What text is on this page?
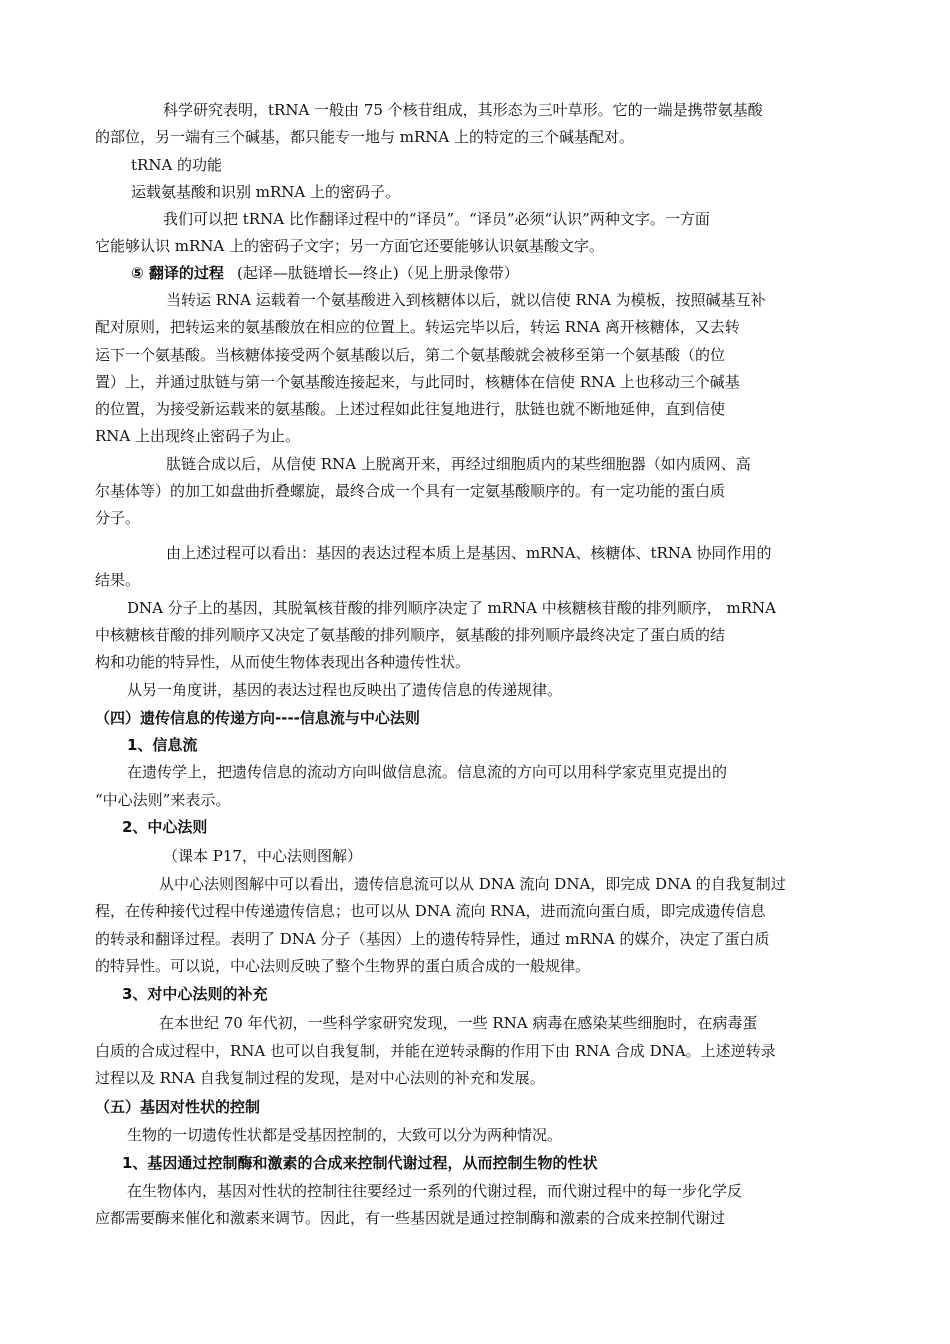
科学研究表明，tRNA 一般由 75 个核苷组成，其形态为三叶草形。它的一端是携带氨基酸
的部位，另一端有三个碱基，都只能专一地与 mRNA 上的特定的三个碱基配对。
tRNA 的功能
运载氨基酸和识别 mRNA 上的密码子。
我们可以把 tRNA 比作翻译过程中的“译员”。“译员”必须“认识”两种文字。一方面
它能够认识 mRNA 上的密码子文字；另一方面它还要能够认识氨基酸文字。
⑤ 翻译的过程 (起译—肽链增长—终止)（见上册录像带）
当转运 RNA 运载着一个氨基酸进入到核糖体以后，就以信使 RNA 为模板，按照碱基互补
配对原则，把转运来的氨基酸放在相应的位置上。转运完毕以后，转运 RNA 离开核糖体，又去转
运下一个氨基酸。当核糖体接受两个氨基酸以后，第二个氨基酸就会被移至第一个氨基酸（的位
置）上，并通过肽链与第一个氨基酸连接起来，与此同时，核糖体在信使 RNA 上也移动三个碱基
的位置，为接受新运载来的氨基酸。上述过程如此往复地进行，肽链也就不断地延伸，直到信使
RNA 上出现终止密码子为止。
肽链合成以后，从信使 RNA 上脱离开来，再经过细胞质内的某些细胞器（如内质网、高
尔基体等）的加工如盘曲折叠螺旋，最终合成一个具有一定氨基酸顺序的。有一定功能的蛋白质
分子。
由上述过程可以看出：基因的表达过程本质上是基因、mRNA、核糖体、tRNA 协同作用的
结果。
DNA 分子上的基因，其脱氧核苷酸的排列顺序决定了 mRNA 中核糖核苷酸的排列顺序， mRNA
中核糖核苷酸的排列顺序又决定了氨基酸的排列顺序，氨基酸的排列顺序最终决定了蛋白质的结
构和功能的特异性，从而使生物体表现出各种遗传性状。
从另一角度讲，基因的表达过程也反映出了遗传信息的传递规律。
（四）遗传信息的传递方向----信息流与中心法则
1、信息流
在遗传学上，把遗传信息的流动方向叫做信息流。信息流的方向可以用科学家克里克提出的
“中心法则”来表示。
2、中心法则
（课本 P17，中心法则图解）
从中心法则图解中可以看出，遗传信息流可以从 DNA 流向 DNA，即完成 DNA 的自我复制过
程，在传种接代过程中传递遗传信息；也可以从 DNA 流向 RNA，进而流向蛋白质，即完成遗传信息
的转录和翻译过程。表明了 DNA 分子（基因）上的遗传特异性，通过 mRNA 的媒介，决定了蛋白质
的特异性。可以说，中心法则反映了整个生物界的蛋白质合成的一般规律。
3、对中心法则的补充
在本世纪 70 年代初，一些科学家研究发现，一些 RNA 病毒在感染某些细胞时，在病毒蛋
白质的合成过程中，RNA 也可以自我复制，并能在逆转录酶的作用下由 RNA 合成 DNA。上述逆转录
过程以及 RNA 自我复制过程的发现，是对中心法则的补充和发展。
（五）基因对性状的控制
生物的一切遗传性状都是受基因控制的，大致可以分为两种情况。
1、基因通过控制酶和激素的合成来控制代谢过程，从而控制生物的性状
在生物体内，基因对性状的控制往往要经过一系列的代谢过程，而代谢过程中的每一步化学反
应都需要酶来催化和激素来调节。因此，有一些基因就是通过控制酶和激素的合成来控制代谢过
